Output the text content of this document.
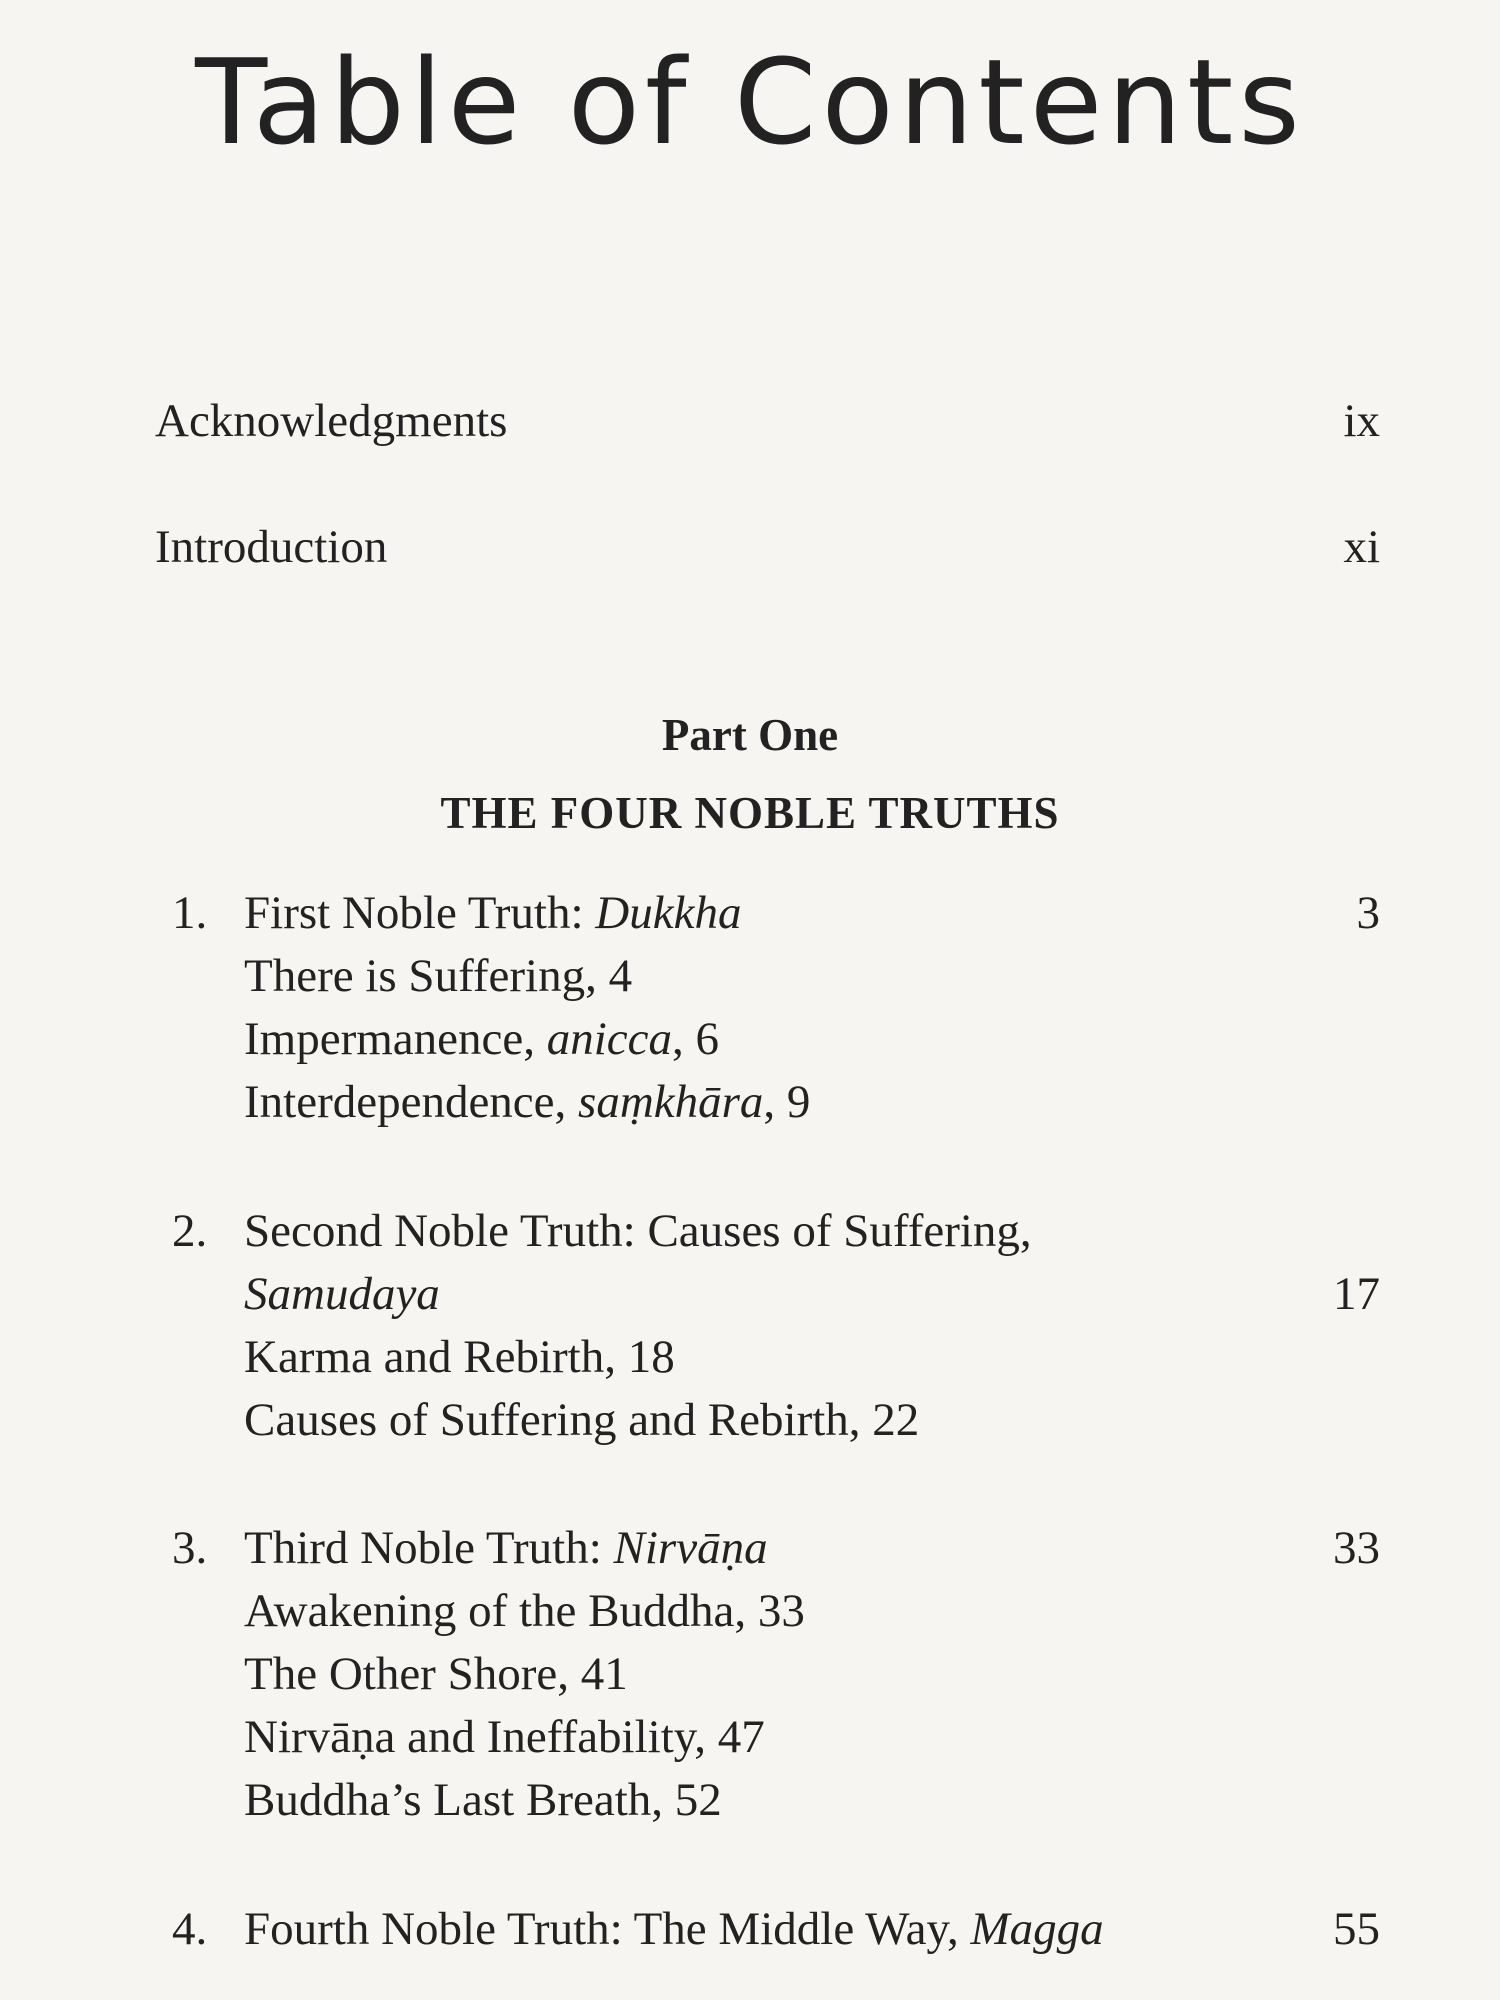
Table of Contents
Acknowledgments	ix
Introduction	xi
Part One
THE FOUR NOBLE TRUTHS
1. First Noble Truth: Dukkha	3
There is Suffering, 4
Impermanence, anicca, 6
Interdependence, saṃkhāra, 9
2. Second Noble Truth: Causes of Suffering,
Samudaya	17
Karma and Rebirth, 18
Causes of Suffering and Rebirth, 22
3. Third Noble Truth: Nirvāṇa	33
Awakening of the Buddha, 33
The Other Shore, 41
Nirvāṇa and Ineffability, 47
Buddha’s Last Breath, 52
4. Fourth Noble Truth: The Middle Way, Magga	55
